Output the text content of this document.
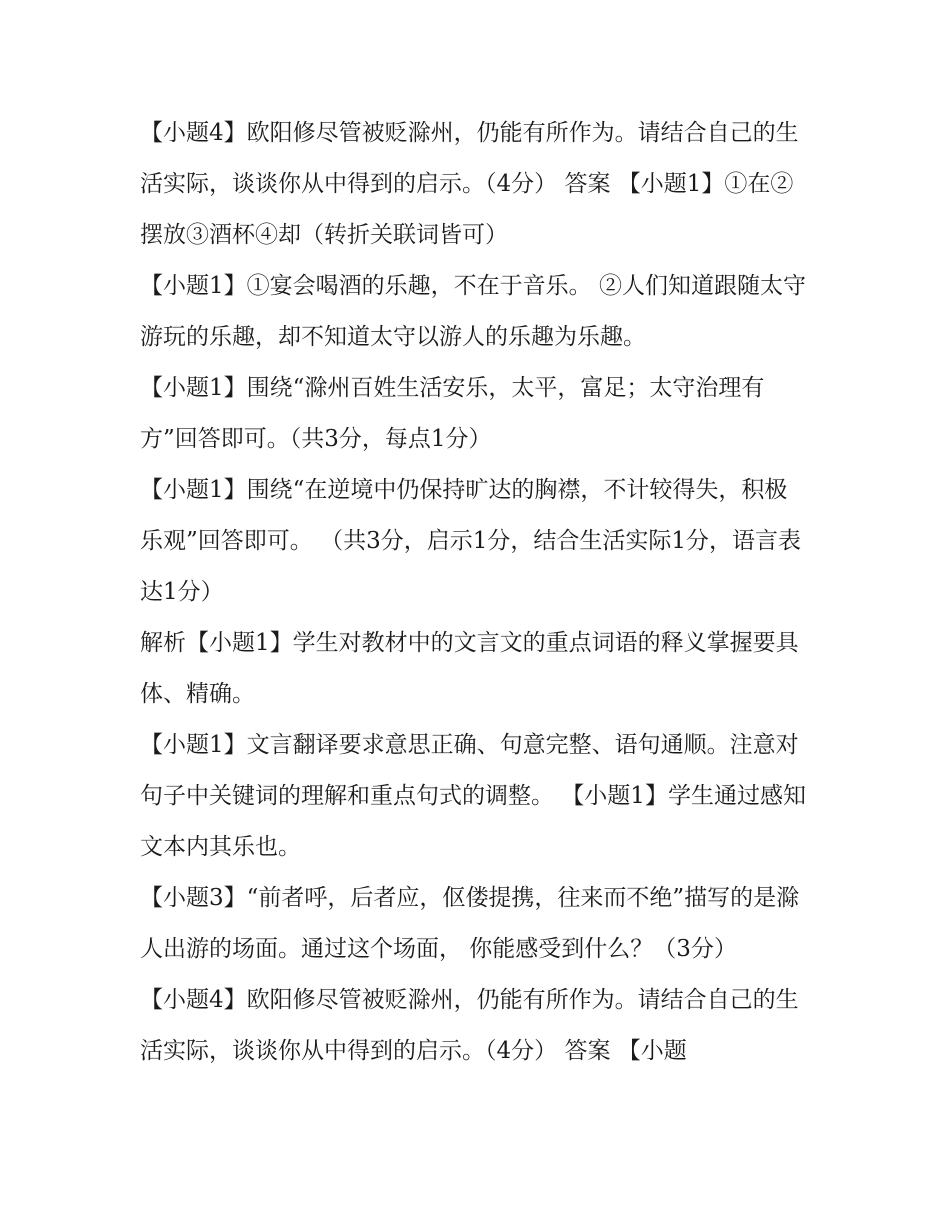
【小题4】欧阳修尽管被贬滁州，仍能有所作为。请结合自己的生活实际，谈谈你从中得到的启示。（4分） 答案 【小题1】①在②摆放③酒杯④却（转折关联词皆可）

【小题1】①宴会喝酒的乐趣，不在于音乐。 ②人们知道跟随太守游玩的乐趣，却不知道太守以游人的乐趣为乐趣。

【小题1】围绕“滁州百姓生活安乐，太平，富足；太守治理有方”回答即可。（共3分，每点1分）

【小题1】围绕“在逆境中仍保持旷达的胸襟，不计较得失，积极乐观”回答即可。 （共3分，启示1分，结合生活实际1分，语言表达1分）

解析【小题1】学生对教材中的文言文的重点词语的释义掌握要具体、精确。

【小题1】文言翻译要求意思正确、句意完整、语句通顺。注意对句子中关键词的理解和重点句式的调整。 【小题1】学生通过感知文本内其乐也。

【小题3】“前者呼，后者应，伛偻提携，往来而不绝”描写的是滁人出游的场面。通过这个场面， 你能感受到什么？（3分）

【小题4】欧阳修尽管被贬滁州，仍能有所作为。请结合自己的生活实际，谈谈你从中得到的启示。（4分） 答案 【小题
